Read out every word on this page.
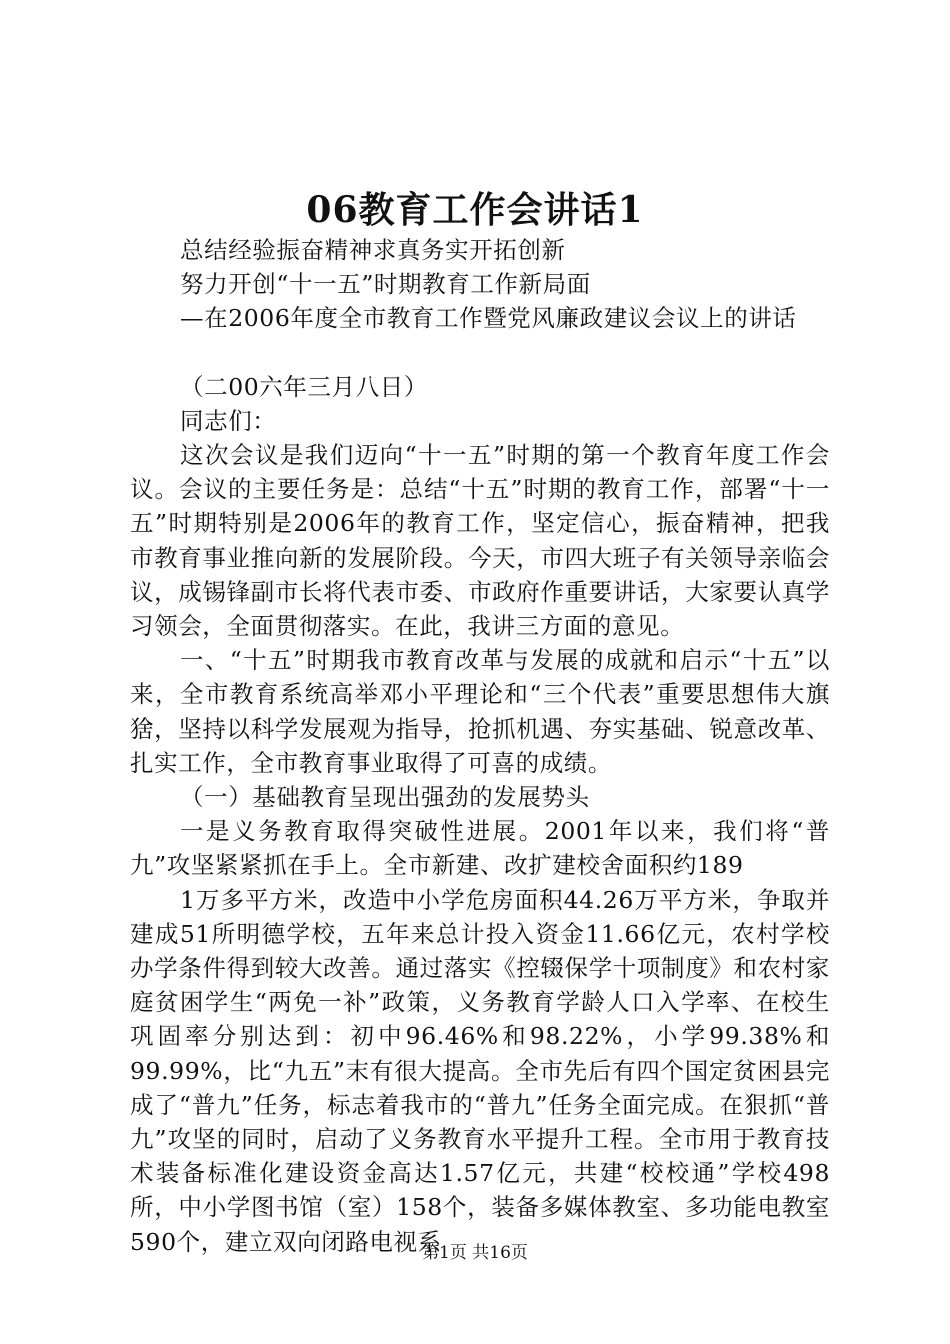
06教育工作会讲话1
总结经验振奋精神求真务实开拓创新
努力开创“十一五”时期教育工作新局面
—在2006年度全市教育工作暨党风廉政建议会议上的讲话
（二00六年三月八日）
同志们：

这次会议是我们迈向“十一五”时期的第一个教育年度工作会议。会议的主要任务是：总结“十五”时期的教育工作，部署“十一五”时期特别是2006年的教育工作，坚定信心，振奋精神，把我市教育事业推向新的发展阶段。今天，市四大班子有关领导亲临会议，成锡锋副市长将代表市委、市政府作重要讲话，大家要认真学习领会，全面贯彻落实。在此，我讲三方面的意见。

一、“十五”时期我市教育改革与发展的成就和启示“十五”以来，全市教育系统高举邓小平理论和“三个代表”重要思想伟大旗猞，坚持以科学发展观为指导，抢抓机遇、夯实基础、锐意改革、扎实工作，全市教育事业取得了可喜的成绩。

（一）基础教育呈现出强劲的发展势头

一是义务教育取得突破性进展。2001年以来，我们将“普九”攻坚紧紧抓在手上。全市新建、改扩建校舍面积约189

1万多平方米，改造中小学危房面积44.26万平方米，争取并建成51所明德学校，五年来总计投入资金11.66亿元，农村学校办学条件得到较大改善。通过落实《控辍保学十项制度》和农村家庭贫困学生“两免一补”政策，义务教育学龄人口入学率、在校生巩固率分别达到：初中96.46%和98.22%，小学99.38%和99.99%，比“九五”末有很大提高。全市先后有四个国定贫困县完成了“普九”任务，标志着我市的“普九”任务全面完成。在狠抓“普九”攻坚的同时，启动了义务教育水平提升工程。全市用于教育技术装备标准化建设资金高达1.57亿元，共建“校校通”学校498所，中小学图书馆（室）158个，装备多媒体教室、多功能电教室590个，建立双向闭路电视系

第1页 共16页
